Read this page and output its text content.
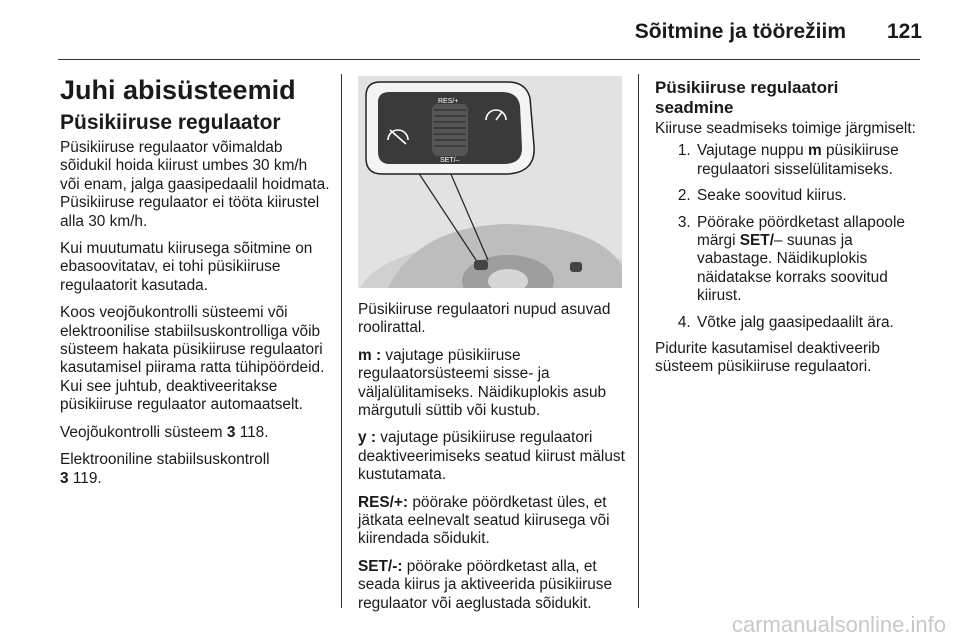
Sõitmine ja töörežiim 121
Juhi abisüsteemid
Püsikiiruse regulaator

Püsikiiruse regulaator võimaldab sõidukil hoida kiirust umbes 30 km/h või enam, jalga gaasipedaalil hoidmata. Püsikiiruse regulaator ei tööta kiirustel alla 30 km/h.

Kui muutumatu kiirusega sõitmine on ebasoovitatav, ei tohi püsikiiruse regulaatorit kasutada.

Koos veojõukontrolli süsteemi või elektroonilise stabiilsuskontrolliga võib süsteem hakata püsikiiruse regulaatori kasutamisel piirama ratta tühipöördeid. Kui see juhtub, deaktiveeritakse püsikiiruse regulaator automaatselt.

Veojõukontrolli süsteem 3 118.

Elektrooniline stabiilsuskontroll
3 119.

RES/+
SET/–

Püsikiiruse regulaatori nupud asuvad roolirattal.

m : vajutage püsikiiruse regulaatorsüsteemi sisse- ja väljalülitamiseks. Näidikuplokis asub märgutuli süttib või kustub.

y : vajutage püsikiiruse regulaatori deaktiveerimiseks seatud kiirust mälust kustutamata.

RES/+: pöörake pöördketast üles, et jätkata eelnevalt seatud kiirusega või kiirendada sõidukit.

SET/-: pöörake pöördketast alla, et seada kiirus ja aktiveerida püsikiiruse regulaator või aeglustada sõidukit.

Püsikiiruse regulaatori seadmine

Kiiruse seadmiseks toimige järgmiselt:

1. Vajutage nuppu m püsikiiruse regulaatori sisselülitamiseks.
2. Seake soovitud kiirus.
3. Pöörake pöördketast allapoole märgi SET/– suunas ja vabastage. Näidikuplokis näidatakse korraks soovitud kiirust.
4. Võtke jalg gaasipedaalilt ära.

Pidurite kasutamisel deaktiveerib süsteem püsikiiruse regulaatori.

carmanualsonline.info
